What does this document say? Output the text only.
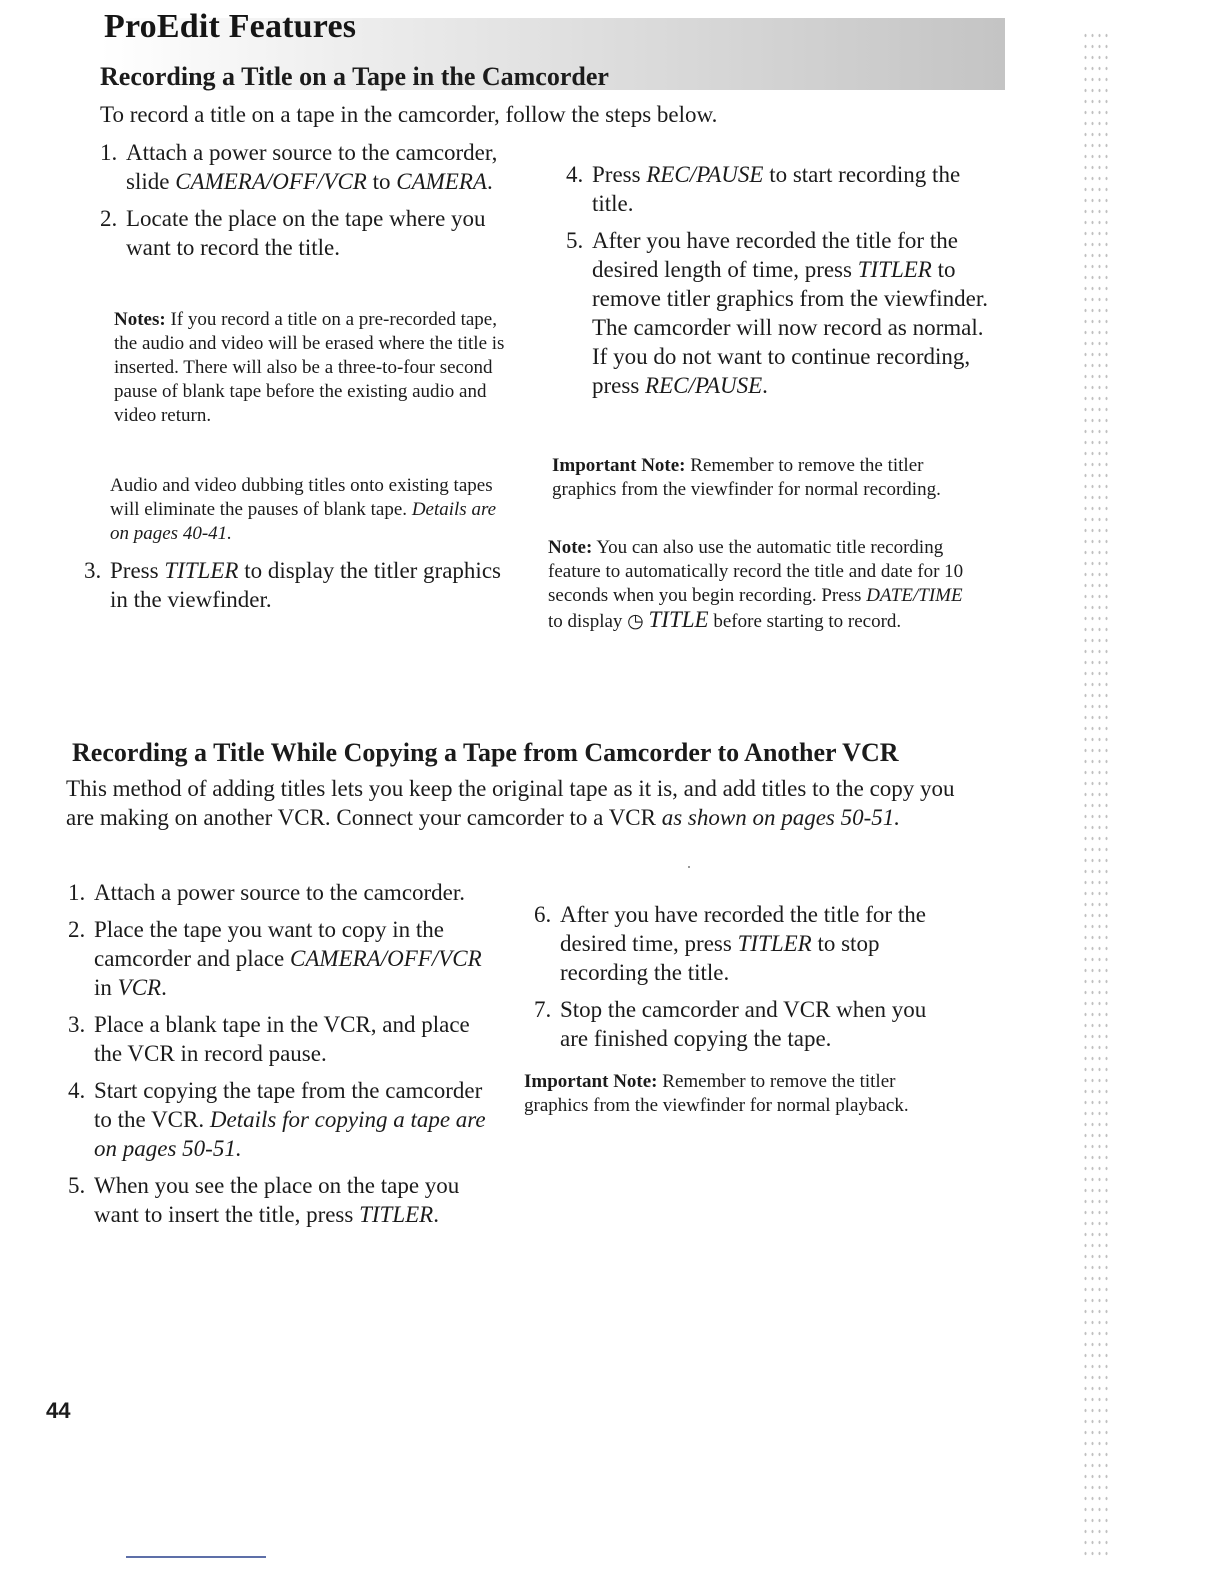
ProEdit Features
Recording a Title on a Tape in the Camcorder
To record a title on a tape in the camcorder, follow the steps below.
1. Attach a power source to the camcorder, slide CAMERA/OFF/VCR to CAMERA.
2. Locate the place on the tape where you want to record the title.
Notes: If you record a title on a pre-recorded tape, the audio and video will be erased where the title is inserted. There will also be a three-to-four second pause of blank tape before the existing audio and video return.
Audio and video dubbing titles onto existing tapes will eliminate the pauses of blank tape. Details are on pages 40-41.
3. Press TITLER to display the titler graphics in the viewfinder.
4. Press REC/PAUSE to start recording the title.
5. After you have recorded the title for the desired length of time, press TITLER to remove titler graphics from the viewfinder. The camcorder will now record as normal. If you do not want to continue recording, press REC/PAUSE.
Important Note: Remember to remove the titler graphics from the viewfinder for normal recording.
Note: You can also use the automatic title recording feature to automatically record the title and date for 10 seconds when you begin recording. Press DATE/TIME to display ◷ TITLE before starting to record.
Recording a Title While Copying a Tape from Camcorder to Another VCR
This method of adding titles lets you keep the original tape as it is, and add titles to the copy you are making on another VCR. Connect your camcorder to a VCR as shown on pages 50-51.
1. Attach a power source to the camcorder.
2. Place the tape you want to copy in the camcorder and place CAMERA/OFF/VCR in VCR.
3. Place a blank tape in the VCR, and place the VCR in record pause.
4. Start copying the tape from the camcorder to the VCR. Details for copying a tape are on pages 50-51.
5. When you see the place on the tape you want to insert the title, press TITLER.
6. After you have recorded the title for the desired time, press TITLER to stop recording the title.
7. Stop the camcorder and VCR when you are finished copying the tape.
Important Note: Remember to remove the titler graphics from the viewfinder for normal playback.
44
